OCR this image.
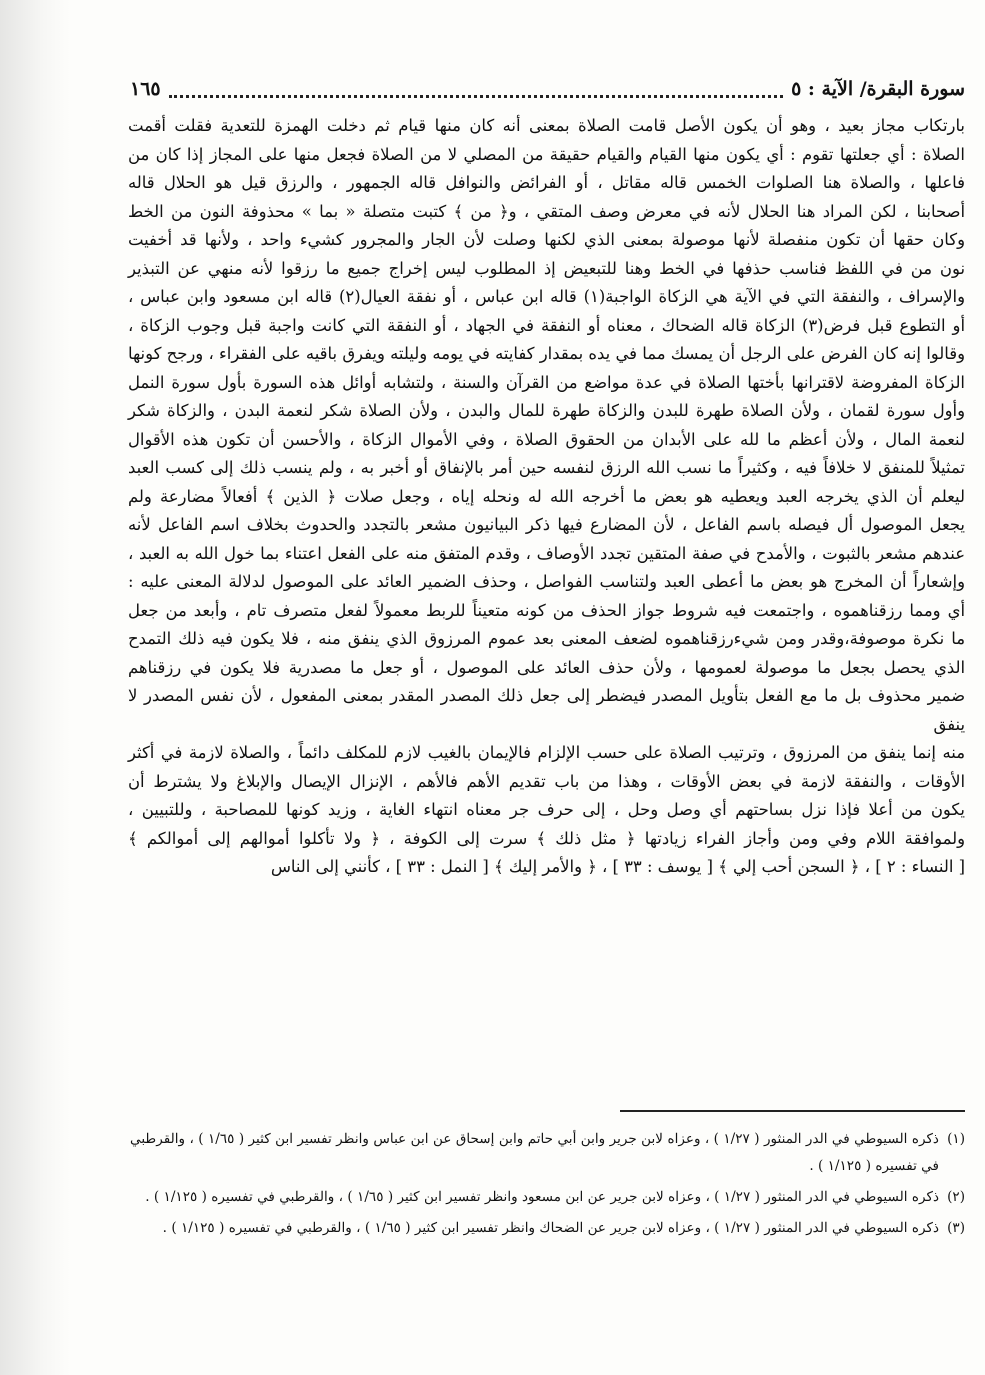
سورة البقرة/ الآية : ٥
١٦٥

بارتكاب مجاز بعيد ، وهو أن يكون الأصل قامت الصلاة بمعنى أنه كان منها قيام ثم دخلت الهمزة للتعدية فقلت أقمت

الصلاة : أي جعلتها تقوم : أي يكون منها القيام والقيام حقيقة من المصلي لا من الصلاة فجعل منها على المجاز إذا كان من

فاعلها ، والصلاة هنا الصلوات الخمس قاله مقاتل ، أو الفرائض والنوافل قاله الجمهور ، والرزق قيل هو الحلال قاله

أصحابنا ، لكن المراد هنا الحلال لأنه في معرض وصف المتقي ، و﴿ من ﴾ كتبت متصلة « بما » محذوفة النون من الخط

وكان حقها أن تكون منفصلة لأنها موصولة بمعنى الذي لكنها وصلت لأن الجار والمجرور كشيء واحد ، ولأنها قد أخفيت

نون من في اللفظ فناسب حذفها في الخط وهنا للتبعيض إذ المطلوب ليس إخراج جميع ما رزقوا لأنه منهي عن التبذير

والإسراف ، والنفقة التي في الآية هي الزكاة الواجبة(١) قاله ابن عباس ، أو نفقة العيال(٢) قاله ابن مسعود وابن عباس ،

أو التطوع قبل فرض(٣) الزكاة قاله الضحاك ، معناه أو النفقة في الجهاد ، أو النفقة التي كانت واجبة قبل وجوب الزكاة ،

وقالوا إنه كان الفرض على الرجل أن يمسك مما في يده بمقدار كفايته في يومه وليلته ويفرق باقيه على الفقراء ، ورجح كونها

الزكاة المفروضة لاقترانها بأختها الصلاة في عدة مواضع من القرآن والسنة ، ولتشابه أوائل هذه السورة بأول سورة النمل

وأول سورة لقمان ، ولأن الصلاة طهرة للبدن والزكاة طهرة للمال والبدن ، ولأن الصلاة شكر لنعمة البدن ، والزكاة شكر

لنعمة المال ، ولأن أعظم ما لله على الأبدان من الحقوق الصلاة ، وفي الأموال الزكاة ، والأحسن أن تكون هذه الأقوال

تمثيلاً للمنفق لا خلافاً فيه ، وكثيراً ما نسب الله الرزق لنفسه حين أمر بالإنفاق أو أخبر به ، ولم ينسب ذلك إلى كسب العبد

ليعلم أن الذي يخرجه العبد ويعطيه هو بعض ما أخرجه الله له ونحله إياه ، وجعل صلات ﴿ الذين ﴾ أفعالاً مضارعة ولم

يجعل الموصول أل فيصله باسم الفاعل ، لأن المضارع فيها ذكر البيانيون مشعر بالتجدد والحدوث بخلاف اسم الفاعل لأنه

عندهم مشعر بالثبوت ، والأمدح في صفة المتقين تجدد الأوصاف ، وقدم المتفق منه على الفعل اعتناء بما خول الله به العبد ،

وإشعاراً أن المخرج هو بعض ما أعطى العبد ولتناسب الفواصل ، وحذف الضمير العائد على الموصول لدلالة المعنى عليه :

أي ومما رزقناهموه ، واجتمعت فيه شروط جواز الحذف من كونه متعيناً للربط معمولاً لفعل متصرف تام ، وأبعد من جعل

ما نكرة موصوفة،وقدر ومن شيءرزقناهموه لضعف المعنى بعد عموم المرزوق الذي ينفق منه ، فلا يكون فيه ذلك التمدح

الذي يحصل بجعل ما موصولة لعمومها ، ولأن حذف العائد على الموصول ، أو جعل ما مصدرية فلا يكون في رزقناهم

ضمير محذوف بل ما مع الفعل بتأويل المصدر فيضطر إلى جعل ذلك المصدر المقدر بمعنى المفعول ، لأن نفس المصدر لا ينفق

منه إنما ينفق من المرزوق ، وترتيب الصلاة على حسب الإلزام فالإيمان بالغيب لازم للمكلف دائماً ، والصلاة لازمة في أكثر

الأوقات ، والنفقة لازمة في بعض الأوقات ، وهذا من باب تقديم الأهم فالأهم ، الإنزال الإيصال والإبلاغ ولا يشترط أن

يكون من أعلا فإذا نزل بساحتهم أي وصل وحل ، إلى حرف جر معناه انتهاء الغاية ، وزيد كونها للمصاحبة ، وللتبيين ،

ولموافقة اللام وفي ومن وأجاز الفراء زيادتها ﴿ مثل ذلك ﴾ سرت إلى الكوفة ، ﴿ ولا تأكلوا أموالهم إلى أموالكم ﴾

[ النساء : ٢ ] ، ﴿ السجن أحب إلي ﴾ [ يوسف : ٣٣ ] ، ﴿ والأمر إليك ﴾ [ النمل : ٣٣ ] ، كأنني إلى الناس

(١)
ذكره السيوطي في الدر المنثور ( ١/٢٧ ) ، وعزاه لابن جرير وابن أبي حاتم وابن إسحاق عن ابن عباس وانظر تفسير ابن كثير ( ١/٦٥ ) ، والقرطبي في تفسيره ( ١/١٢٥ ) .
(٢)
ذكره السيوطي في الدر المنثور ( ١/٢٧ ) ، وعزاه لابن جرير عن ابن مسعود وانظر تفسير ابن كثير ( ١/٦٥ ) ، والقرطبي في تفسيره ( ١/١٢٥ ) .
(٣)
ذكره السيوطي في الدر المنثور ( ١/٢٧ ) ، وعزاه لابن جرير عن الضحاك وانظر تفسير ابن كثير ( ١/٦٥ ) ، والقرطبي في تفسيره ( ١/١٢٥ ) .
